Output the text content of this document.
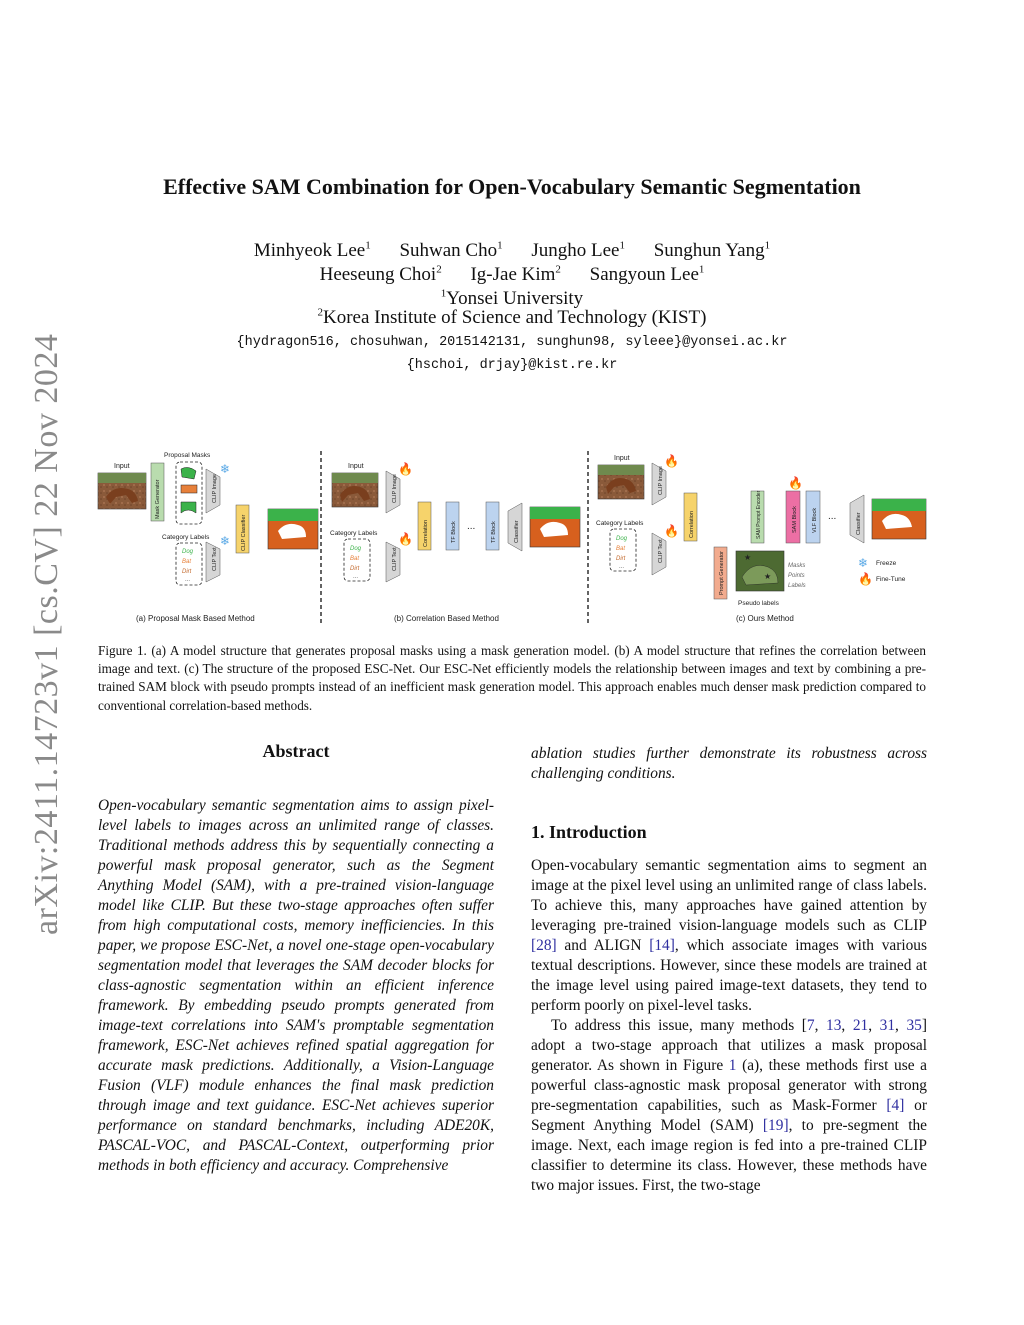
arXiv:2411.14723v1 [cs.CV] 22 Nov 2024
Effective SAM Combination for Open-Vocabulary Semantic Segmentation
Minhyeok Lee$^1$ Suhwan Cho$^1$ Jungho Lee$^1$ Sunghun Yang$^1$
Heeseung Choi$^2$ Ig-Jae Kim$^2$ Sangyoun Lee$^1$
$^1$Yonsei University
$^2$Korea Institute of Science and Technology (KIST)
{hydragon516, chosuhwan, 2015142131, sunghun98, syleee}@yonsei.ac.kr
{hschoi, drjay}@kist.re.kr
Input
Mask Generator
Proposal Masks
CLIP Image
❄
CLIP Classifier
Category Labels
Dog
Bat
Dirt
...
CLIP Text
❄
(a) Proposal Mask Based Method
Input
CLIP Image
🔥
Category Labels
Dog
Bat
Dirt
...
CLIP Text
🔥 Correlation	TF Block ...	TF Block	Classifier
(b) Correlation Based Method
Input
CLIP Image
🔥
Category Labels
Dog
Bat
Dirt
...
CLIP Text
🔥 Correlation
Prompt Generator ★
★
Masks
Points
Labels
Pseudo labels
SAM Prompt Encoder	SAM Block
🔥
VLF Block ...	Classifier
❄ Freeze
🔥 Fine-Tune
(c) Ours Method
Figure 1. (a) A model structure that generates proposal masks using a mask generation model. (b) A model structure that refines the correlation between image and text. (c) The structure of the proposed ESC-Net. Our ESC-Net efficiently models the relationship between images and text by combining a pre-trained SAM block with pseudo prompts instead of an inefficient mask generation model. This approach enables much denser mask prediction compared to conventional correlation-based methods.
Abstract
Open-vocabulary semantic segmentation aims to assign pixel-level labels to images across an unlimited range of classes. Traditional methods address this by sequentially connecting a powerful mask proposal generator, such as the Segment Anything Model (SAM), with a pre-trained vision-language model like CLIP. But these two-stage approaches often suffer from high computational costs, memory inefficiencies. In this paper, we propose ESC-Net, a novel one-stage open-vocabulary segmentation model that leverages the SAM decoder blocks for class-agnostic segmentation within an efficient inference framework. By embedding pseudo prompts generated from image-text correlations into SAM's promptable segmentation framework, ESC-Net achieves refined spatial aggregation for accurate mask predictions. Additionally, a Vision-Language Fusion (VLF) module enhances the final mask prediction through image and text guidance. ESC-Net achieves superior performance on standard benchmarks, including ADE20K, PASCAL-VOC, and PASCAL-Context, outperforming prior methods in both efficiency and accuracy. Comprehensive
ablation studies further demonstrate its robustness across challenging conditions.
1. Introduction

Open-vocabulary semantic segmentation aims to segment an image at the pixel level using an unlimited range of class labels. To achieve this, many approaches have gained attention by leveraging pre-trained vision-language models such as CLIP [28] and ALIGN [14], which associate images with various textual descriptions. However, since these models are trained at the image level using paired image-text datasets, they tend to perform poorly on pixel-level tasks.

To address this issue, many methods [7, 13, 21, 31, 35] adopt a two-stage approach that utilizes a mask proposal generator. As shown in Figure 1 (a), these methods first use a powerful class-agnostic mask proposal generator with strong pre-segmentation capabilities, such as Mask-Former [4] or Segment Anything Model (SAM) [19], to pre-segment the image. Next, each image region is fed into a pre-trained CLIP classifier to determine its class. However, these methods have two major issues. First, the two-stage
